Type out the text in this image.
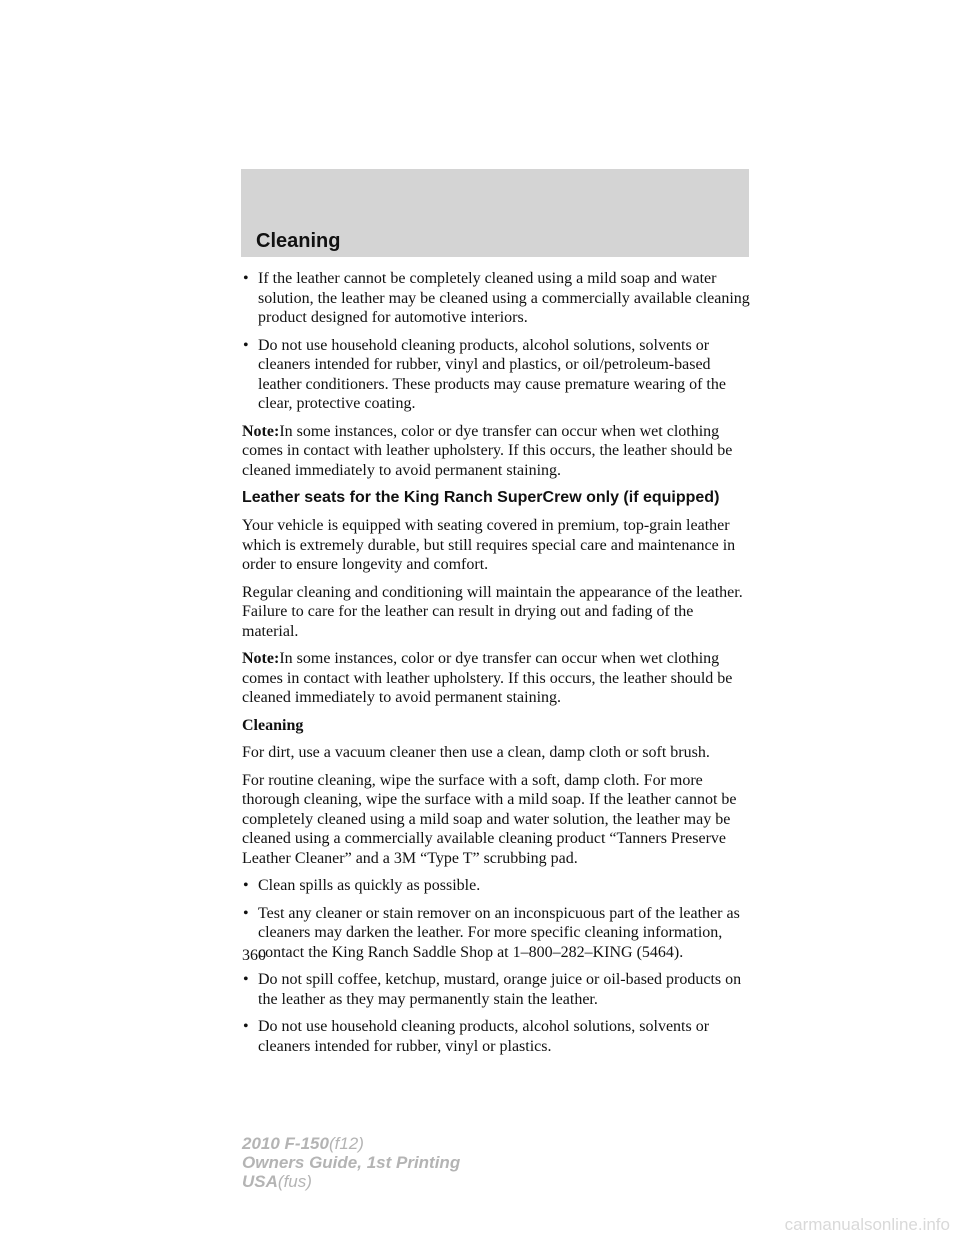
Cleaning
• If the leather cannot be completely cleaned using a mild soap and water solution, the leather may be cleaned using a commercially available cleaning product designed for automotive interiors.
• Do not use household cleaning products, alcohol solutions, solvents or cleaners intended for rubber, vinyl and plastics, or oil/petroleum-based leather conditioners. These products may cause premature wearing of the clear, protective coating.

Note:In some instances, color or dye transfer can occur when wet clothing comes in contact with leather upholstery. If this occurs, the leather should be cleaned immediately to avoid permanent staining.

Leather seats for the King Ranch SuperCrew only (if equipped)

Your vehicle is equipped with seating covered in premium, top-grain leather which is extremely durable, but still requires special care and maintenance in order to ensure longevity and comfort.

Regular cleaning and conditioning will maintain the appearance of the leather. Failure to care for the leather can result in drying out and fading of the material.

Note:In some instances, color or dye transfer can occur when wet clothing comes in contact with leather upholstery. If this occurs, the leather should be cleaned immediately to avoid permanent staining.

Cleaning

For dirt, use a vacuum cleaner then use a clean, damp cloth or soft brush.

For routine cleaning, wipe the surface with a soft, damp cloth. For more thorough cleaning, wipe the surface with a mild soap. If the leather cannot be completely cleaned using a mild soap and water solution, the leather may be cleaned using a commercially available cleaning product “Tanners Preserve Leather Cleaner” and a 3M “Type T” scrubbing pad.

• Clean spills as quickly as possible.
• Test any cleaner or stain remover on an inconspicuous part of the leather as cleaners may darken the leather. For more specific cleaning information, contact the King Ranch Saddle Shop at 1–800–282–KING (5464).
• Do not spill coffee, ketchup, mustard, orange juice or oil-based products on the leather as they may permanently stain the leather.
• Do not use household cleaning products, alcohol solutions, solvents or cleaners intended for rubber, vinyl or plastics.
360
2010 F-150(f12)
Owners Guide, 1st Printing
USA(fus)
carmanualsonline.info
